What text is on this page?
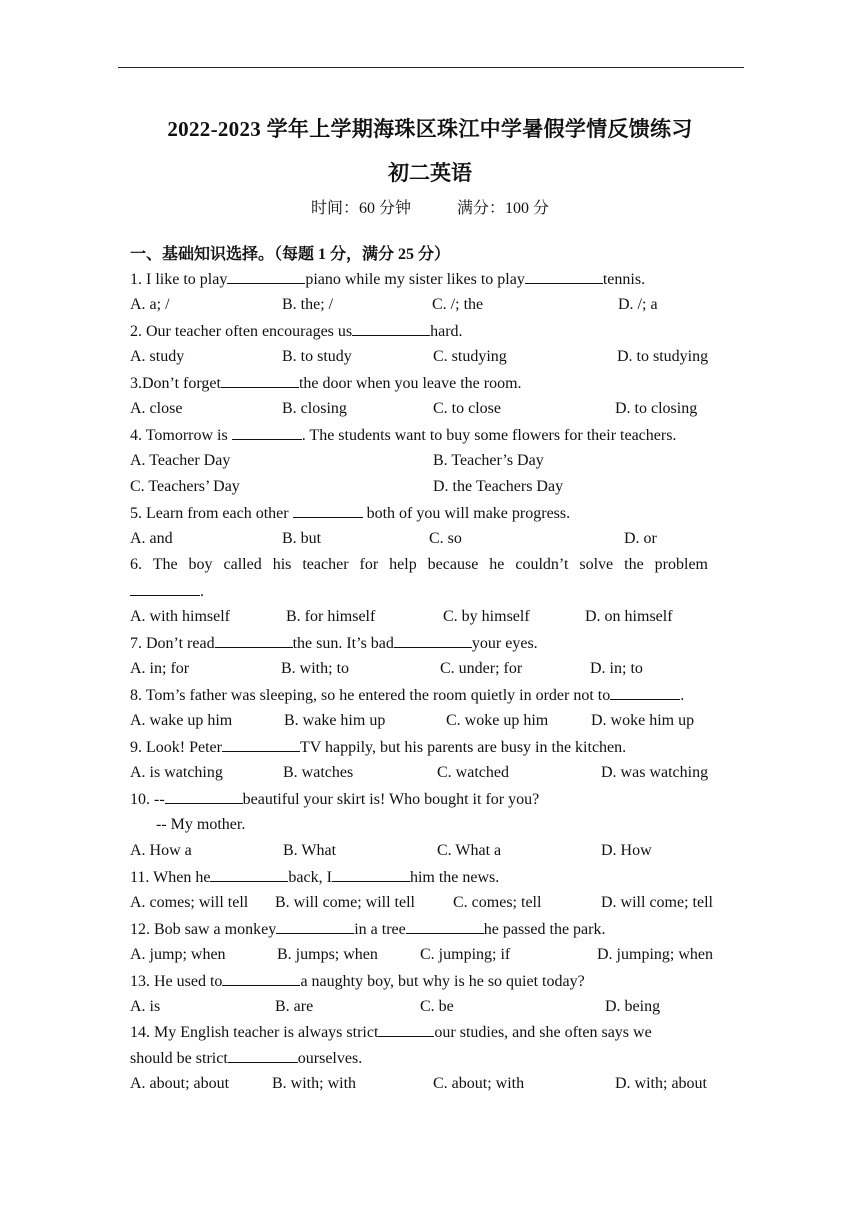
2022-2023 学年上学期海珠区珠江中学暑假学情反馈练习
初二英语
时间：60 分钟	满分：100 分
一、基础知识选择。（每题 1 分，满分 25 分）
1. I like to play	piano while my sister likes to play	tennis.
A. a; /	B. the; /	C. /; the	D. /; a
2. Our teacher often encourages us	hard.
A. study	B. to study	C. studying	D. to studying
3.Don’t forget	the door when you leave the room.
A. close	B. closing	C. to close	D. to closing
4. Tomorrow is	. The students want to buy some flowers for their teachers.
A. Teacher Day	B. Teacher’s Day
C. Teachers’ Day	D. the Teachers Day
5. Learn from each other	both of you will make progress.
A. and	B. but	C. so	D. or
6. The boy called his teacher for help because he couldn’t solve the problem
.
A. with himself	B. for himself	C. by himself	D. on himself
7. Don’t read	the sun. It’s bad	your eyes.
A. in; for	B. with; to	C. under; for	D. in; to
8. Tom’s father was sleeping, so he entered the room quietly in order not to	.
A. wake up him	B. wake him up	C. woke up him	D. woke him up
9. Look! Peter	TV happily, but his parents are busy in the kitchen.
A. is watching	B. watches	C. watched	D. was watching
10. --	beautiful your skirt is! Who bought it for you?
-- My mother.
A. How a	B. What	C. What a	D. How
11. When he	back, I	him the news.
A. comes; will tell B. will come; will tell C. comes; tell	D. will come; tell
12. Bob saw a monkey	in a tree	he passed the park.
A. jump; when	B. jumps; when	C. jumping; if	D. jumping; when
13. He used to	a naughty boy, but why is he so quiet today?
A. is	B. are	C. be	D. being
14. My English teacher is always strict	our studies, and she often says we
should be strict	ourselves.
A. about; about	B. with; with	C. about; with	D. with; about
